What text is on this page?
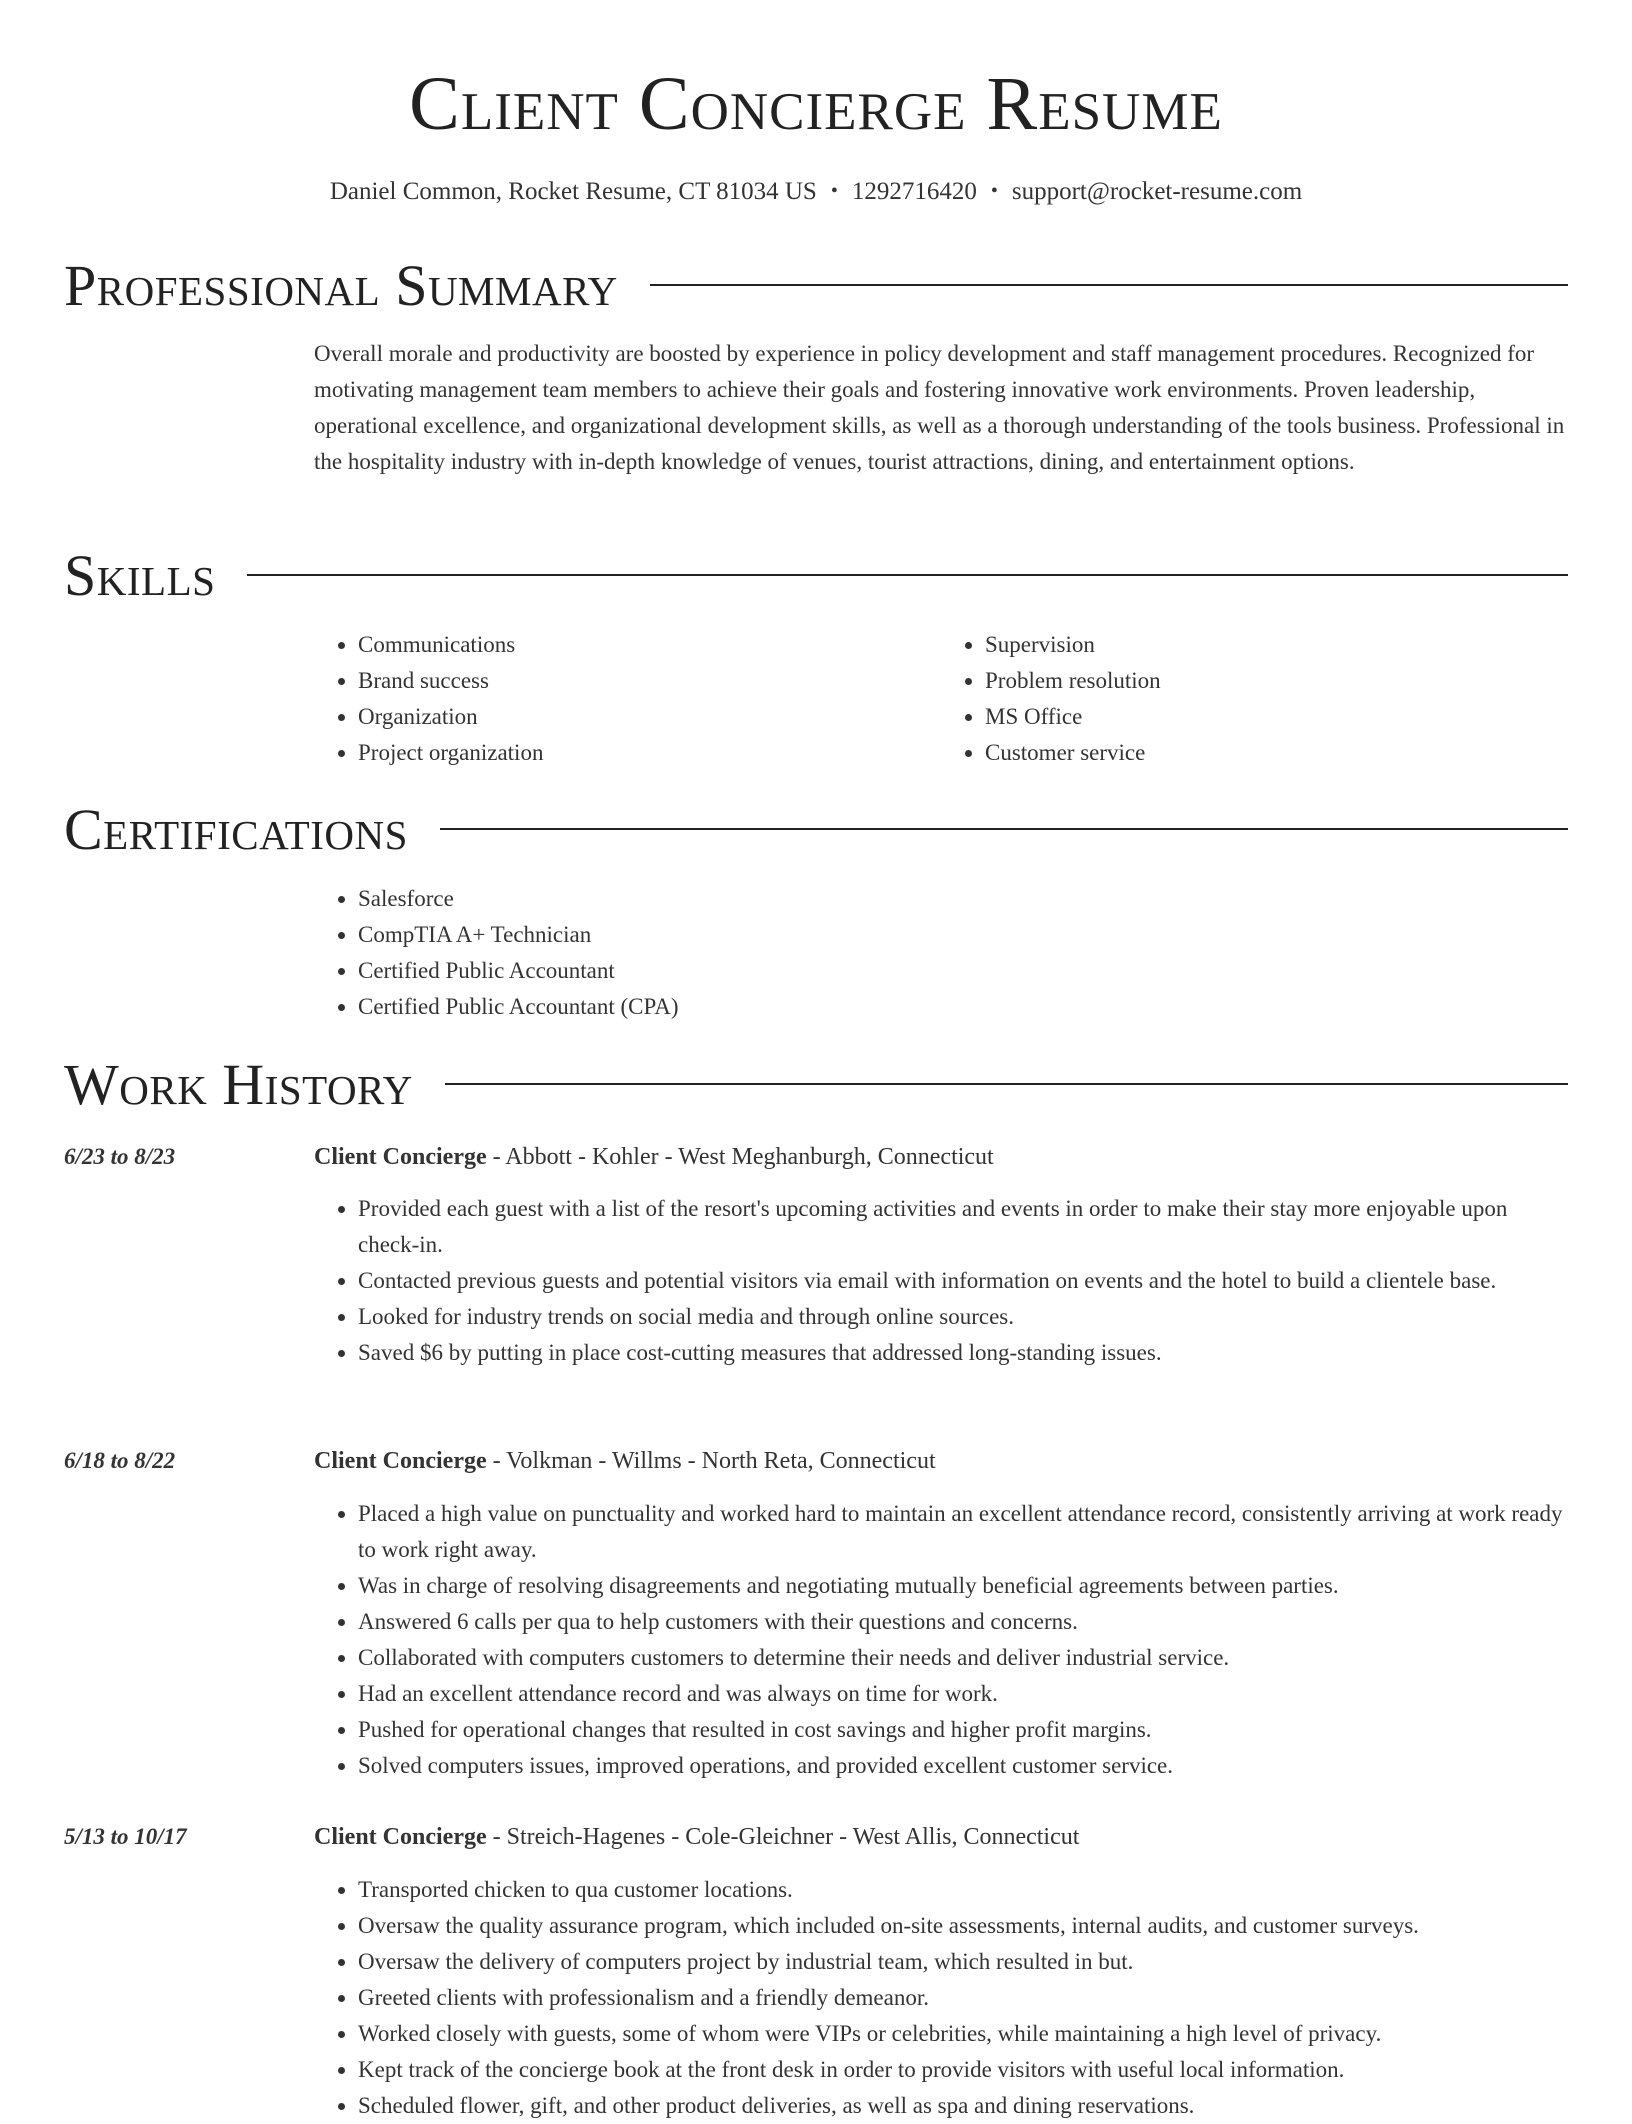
Client Concierge Resume
Daniel Common, Rocket Resume, CT 81034 US • 1292716420 • support@rocket-resume.com
Professional Summary
Overall morale and productivity are boosted by experience in policy development and staff management procedures. Recognized for motivating management team members to achieve their goals and fostering innovative work environments. Proven leadership, operational excellence, and organizational development skills, as well as a thorough understanding of the tools business. Professional in the hospitality industry with in-depth knowledge of venues, tourist attractions, dining, and entertainment options.
Skills
• Communications
• Brand success
• Organization
• Project organization
• Supervision
• Problem resolution
• MS Office
• Customer service
Certifications
• Salesforce
• CompTIA A+ Technician
• Certified Public Accountant
• Certified Public Accountant (CPA)
Work History
6/23 to 8/23	Client Concierge - Abbott - Kohler - West Meghanburgh, Connecticut
• Provided each guest with a list of the resort's upcoming activities and events in order to make their stay more enjoyable upon check-in.
• Contacted previous guests and potential visitors via email with information on events and the hotel to build a clientele base.
• Looked for industry trends on social media and through online sources.
• Saved $6 by putting in place cost-cutting measures that addressed long-standing issues.
6/18 to 8/22	Client Concierge - Volkman - Willms - North Reta, Connecticut
• Placed a high value on punctuality and worked hard to maintain an excellent attendance record, consistently arriving at work ready to work right away.
• Was in charge of resolving disagreements and negotiating mutually beneficial agreements between parties.
• Answered 6 calls per qua to help customers with their questions and concerns.
• Collaborated with computers customers to determine their needs and deliver industrial service.
• Had an excellent attendance record and was always on time for work.
• Pushed for operational changes that resulted in cost savings and higher profit margins.
• Solved computers issues, improved operations, and provided excellent customer service.
5/13 to 10/17	Client Concierge - Streich-Hagenes - Cole-Gleichner - West Allis, Connecticut
• Transported chicken to qua customer locations.
• Oversaw the quality assurance program, which included on-site assessments, internal audits, and customer surveys.
• Oversaw the delivery of computers project by industrial team, which resulted in but.
• Greeted clients with professionalism and a friendly demeanor.
• Worked closely with guests, some of whom were VIPs or celebrities, while maintaining a high level of privacy.
• Kept track of the concierge book at the front desk in order to provide visitors with useful local information.
• Scheduled flower, gift, and other product deliveries, as well as spa and dining reservations.
